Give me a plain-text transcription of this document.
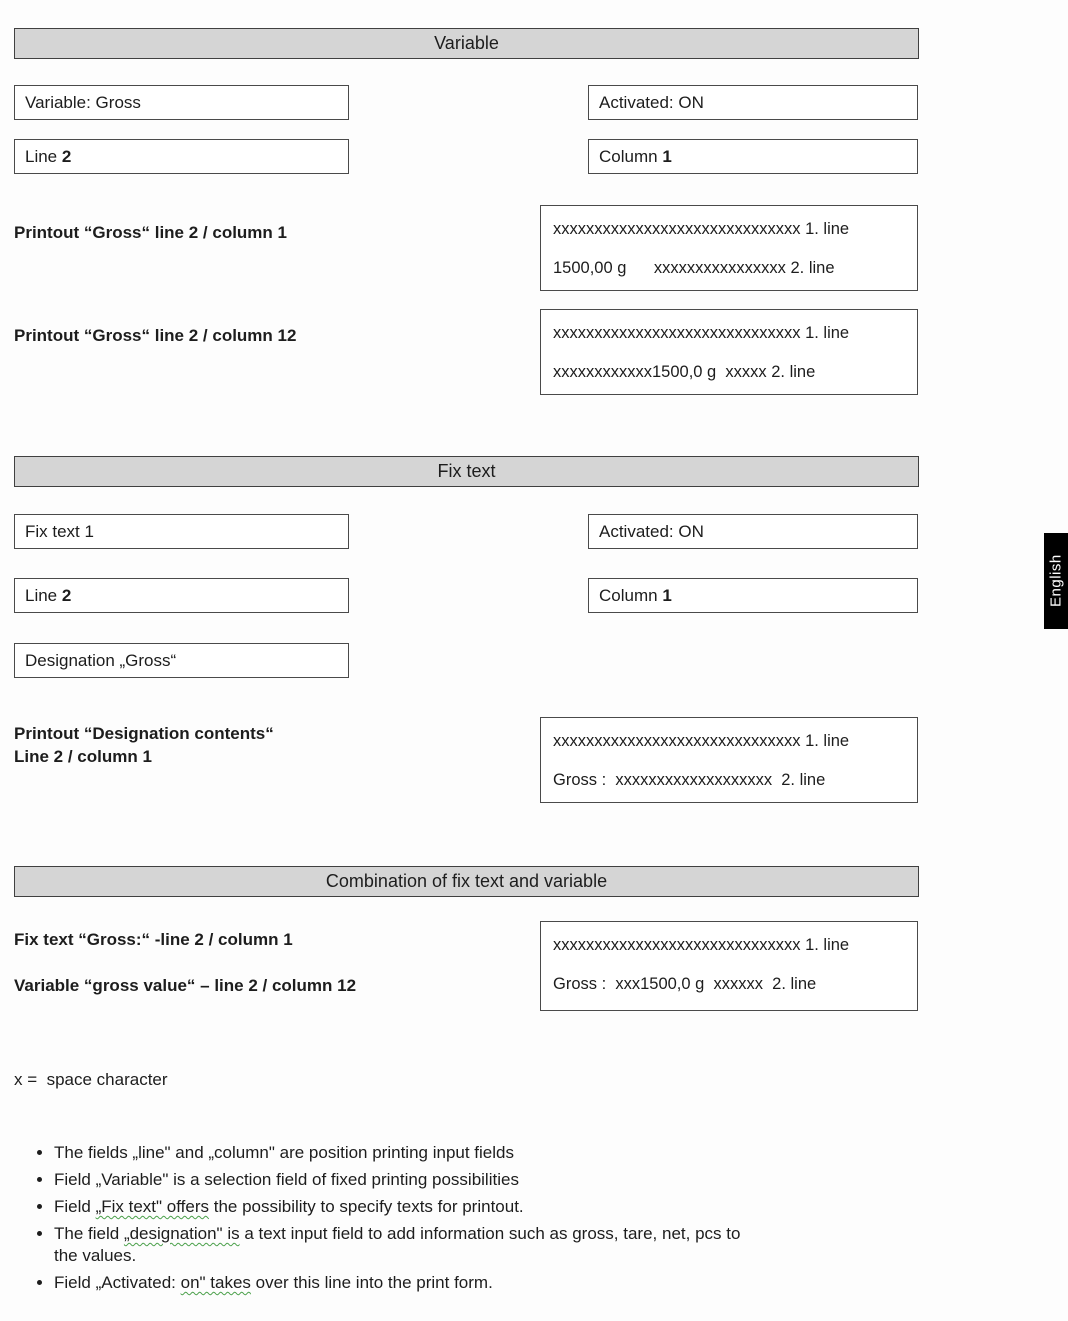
Variable
Variable: Gross	Activated: ON
Line 2	Column 1
Printout “Gross“ line 2 / column 1	xxxxxxxxxxxxxxxxxxxxxxxxxxxxxx 1. line
1500,00 g      xxxxxxxxxxxxxxxx 2. line
Printout “Gross“ line 2 / column 12	xxxxxxxxxxxxxxxxxxxxxxxxxxxxxx 1. line
xxxxxxxxxxxx1500,0 g  xxxxx 2. line
Fix text
Fix text 1	Activated: ON
Line 2	Column 1
Designation „Gross“
Printout “Designation contents“
Line 2 / column 1
xxxxxxxxxxxxxxxxxxxxxxxxxxxxxx 1. line
Gross :  xxxxxxxxxxxxxxxxxxx  2. line
Combination of fix text and variable
Fix text “Gross:“ -line 2 / column 1
Variable “gross value“ – line 2 / column 12
xxxxxxxxxxxxxxxxxxxxxxxxxxxxxx 1. line
Gross :  xxx1500,0 g  xxxxxx  2. line
x =  space character
• The fields „line" and „column" are position printing input fields
• Field „Variable" is a selection field of fixed printing possibilities
• Field „Fix text" offers the possibility to specify texts for printout.
• The field „designation" is a text input field to add information such as gross, tare, net, pcs to the values.
• Field „Activated: on" takes over this line into the print form.
English
